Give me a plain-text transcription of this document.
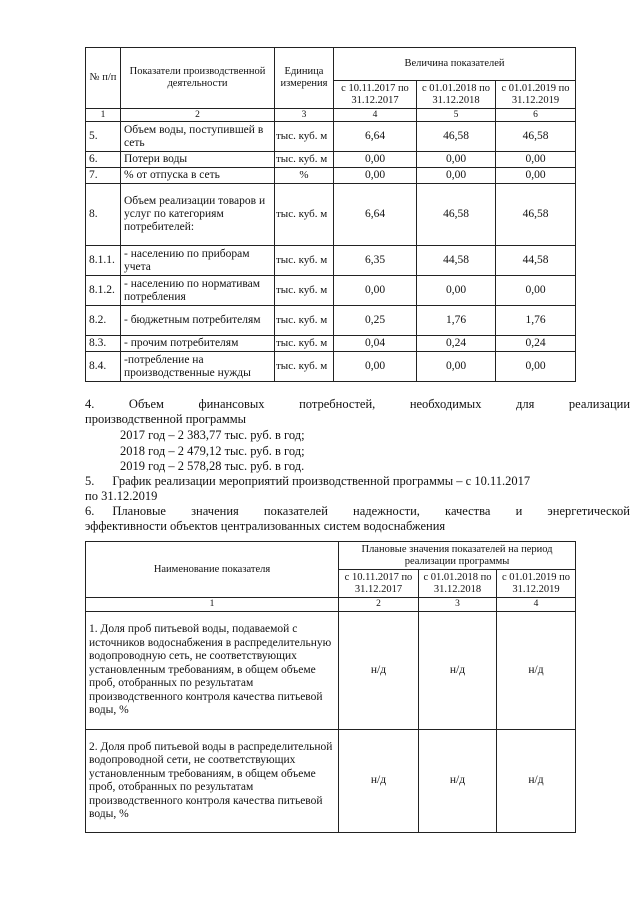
№ п/п	Показатели производственной деятельности	Единица измерения	Величина показателей		
			с 10.11.2017 по 31.12.2017	с 01.01.2018 по 31.12.2018	с 01.01.2019 по 31.12.2019
1	2	3	4	5	6
5.	Объем воды, поступившей в сеть	тыс. куб. м	6,64	46,58	46,58
6.	Потери воды	тыс. куб. м	0,00	0,00	0,00
7.	% от отпуска в сеть	%	0,00	0,00	0,00
8.	Объем реализации товаров и услуг по категориям потребителей:	тыс. куб. м	6,64	46,58	46,58
8.1.1.	- населению по приборам учета	тыс. куб. м	6,35	44,58	44,58
8.1.2.	- населению по нормативам потребления	тыс. куб. м	0,00	0,00	0,00
8.2.	- бюджетным потребителям	тыс. куб. м	0,25	1,76	1,76
8.3.	- прочим потребителям	тыс. куб. м	0,04	0,24	0,24
8.4.	-потребление на производственные нужды	тыс. куб. м	0,00	0,00	0,00
4.	Объем	финансовых	потребностей,	необходимых	для	реализации
производственной программы
2017 год – 2 383,77 тыс. руб. в год;
2018 год – 2 479,12 тыс. руб. в год;
2019 год – 2 578,28 тыс. руб. в год.
5. График реализации мероприятий производственной программы – с 10.11.2017
по 31.12.2019
6. Плановые значения показателей надежности, качества и энергетической
эффективности объектов централизованных систем водоснабжения
Наименование показателя	Плановые значения показателей на период реализации программы		
	с 10.11.2017 по 31.12.2017	с 01.01.2018 по 31.12.2018	с 01.01.2019 по 31.12.2019
1	2	3	4
1. Доля проб питьевой воды, подаваемой с источников водоснабжения в распределительную водопроводную сеть, не соответствующих установленным требованиям, в общем объеме проб, отобранных по результатам производственного контроля качества питьевой воды, %	н/д	н/д	н/д
2. Доля проб питьевой воды в распределительной водопроводной сети, не соответствующих установленным требованиям, в общем объеме проб, отобранных по результатам производственного контроля качества питьевой воды, %	н/д	н/д	н/д
